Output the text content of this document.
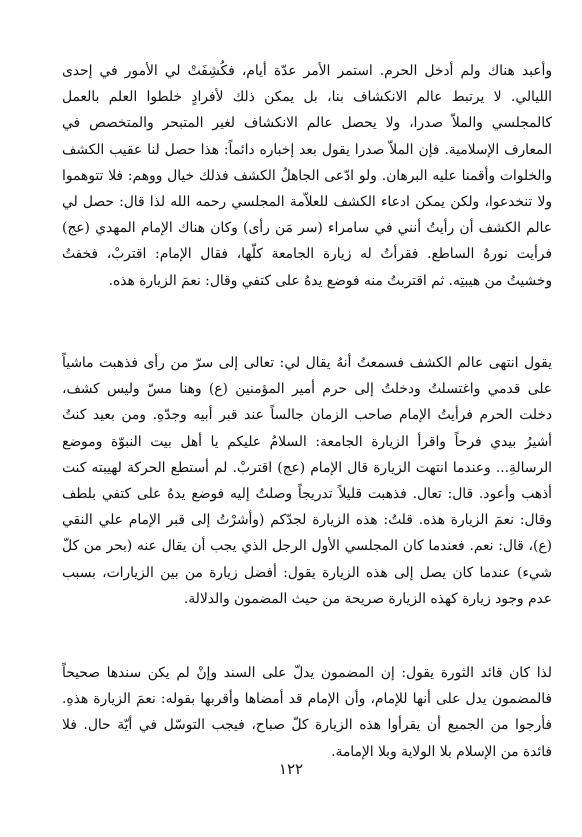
وأعبد هناك ولم أدخل الحرم. استمر الأمر عدّة أيام، فكُشِفَتْ لي الأمور في إحدى الليالي. لا يرتبط عالم الانكشاف بنا، بل يمكن ذلك لأفرادٍ خلطوا العلم بالعمل كالمجلسي والملاّ صدرا، ولا يحصل عالم الانكشاف لغير المتبحر والمتخصص في المعارف الإسلامية. فإن الملاّ صدرا يقول بعد إخباره دائماً: هذا حصل لنا عقيب الكشف والخلوات وأقمنا عليه البرهان. ولو ادّعى الجاهلُ الكشف فذلك خيال ووهم: فلا تتوهموا ولا تنخدعوا، ولكن يمكن ادعاء الكشف للعلاّمة المجلسي رحمه الله لذا قال: حصل لي عالم الكشف أن رأيتُ أنني في سامراء (سر مَن رأى) وكان هناك الإمام المهدي (عج) فرأيت نورهُ الساطع. فقرأتُ له زيارة الجامعة كلّها، فقال الإمام: اقتربْ، فخفتُ وخشيتُ من هيبتِه. ثم اقتربتُ منه فوضع يدهُ على كتفي وقال: نعمَ الزيارة هذه.

يقول انتهى عالم الكشف فسمعتُ أنهُ يقال لي: تعالى إلى سرّ من رأى فذهبت ماشياً على قدمي واغتسلتُ ودخلتُ إلى حرم أمير المؤمنين (ع) وهنا مسّ وليس كشف، دخلت الحرم فرأيتُ الإمام صاحب الزمان جالساً عند قبر أبيه وجدّهِ. ومن بعيد كنتُ أشيرُ بيدي فرحاً واقرأ الزيارة الجامعة: السلامُ عليكم يا أهل بيت النبوّة وموضع الرسالةِ... وعندما انتهت الزيارة قال الإمام (عج) اقتربْ. لم أستطع الحركة لهيبته كنت أذهب وأعود. قال: تعال. فذهبت قليلاً تدريجاً وصلتُ إليه فوضع يدهُ على كتفي بلطف وقال: نعمَ الزيارة هذه. قلتُ: هذه الزيارة لجدّكم (وأشرْتُ إلى قبر الإمام علي النقي (ع)، قال: نعم. فعندما كان المجلسي الأول الرجل الذي يجب أن يقال عنه (بحر من كلّ شيء) عندما كان يصل إلى هذه الزيارة يقول: أفضل زيارة من بين الزيارات، بسبب عدم وجود زيارة كهذه الزيارة صريحة من حيث المضمون والدلالة.

لذا كان قائد الثورة يقول: إن المضمون يدلّ على السند وإنْ لم يكن سندها صحيحاً فالمضمون يدل على أنها للإمام، وأن الإمام قد أمضاها وأقربها بقوله: نعمَ الزيارة هذهِ. فأرجوا من الجميع أن يقرأوا هذه الزيارة كلّ صباح، فيجب التوسّل في أيّة حال. فلا فائدة من الإسلام بلا الولاية وبلا الإمامة.

١٢٢
